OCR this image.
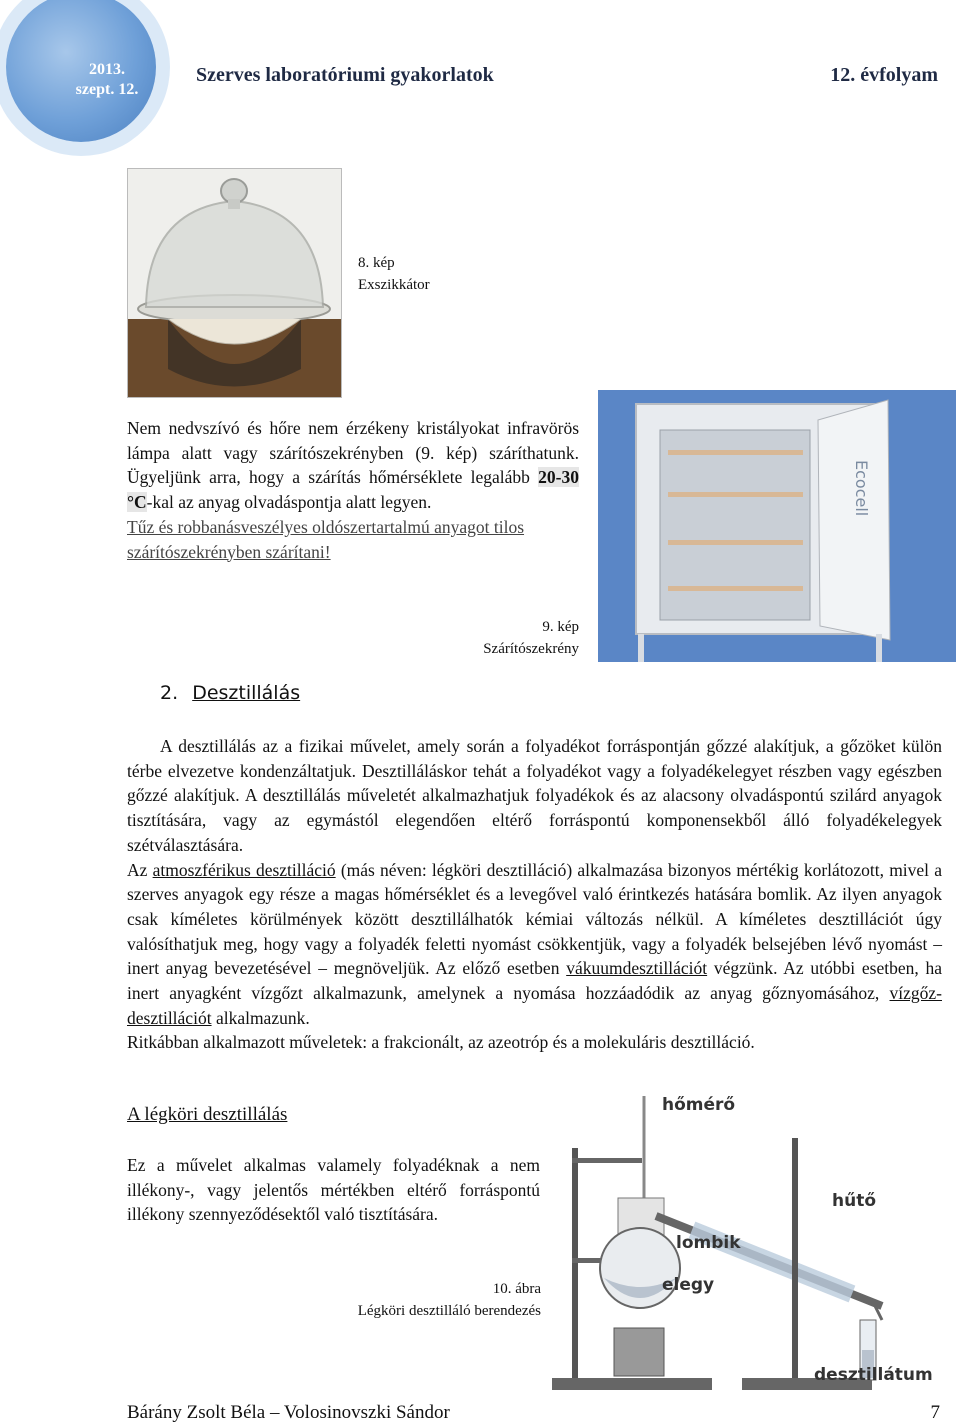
2013.
szept. 12.
Szerves laboratóriumi gyakorlatok	12. évfolyam
8. kép
Exszikkátor
Ecocell
9. kép
Szárítószekrény
Nem nedvszívó és hőre nem érzékeny kristályokat infravörös lámpa alatt vagy szárítószekrényben (9. kép) száríthatunk. Ügyeljünk arra, hogy a szárítás hőmérséklete legalább 20-30 °C-kal az anyag olvadáspontja alatt legyen.
Tűz és robbanásveszélyes oldószertartalmú anyagot tilos szárítószekrényben szárítani!
2. Desztillálás
A desztillálás az a fizikai művelet, amely során a folyadékot forráspontján gőzzé alakítjuk, a gőzöket külön térbe elvezetve kondenzáltatjuk. Desztilláláskor tehát a folyadékot vagy a folyadékelegyet részben vagy egészben gőzzé alakítjuk. A desztillálás műveletét alkalmazhatjuk folyadékok és az alacsony olvadáspontú szilárd anyagok tisztítására, vagy az egymástól elegendően eltérő forráspontú komponensekből álló folyadékelegyek szétválasztására.
Az atmoszférikus desztilláció (más néven: légköri desztilláció) alkalmazása bizonyos mértékig korlátozott, mivel a szerves anyagok egy része a magas hőmérséklet és a levegővel való érintkezés hatására bomlik. Az ilyen anyagok csak kíméletes körülmények között desztillálhatók kémiai változás nélkül. A kíméletes desztillációt úgy valósíthatjuk meg, hogy vagy a folyadék feletti nyomást csökkentjük, vagy a folyadék belsejében lévő nyomást – inert anyag bevezetésével – megnöveljük. Az előző esetben vákuumdesztillációt végzünk. Az utóbbi esetben, ha inert anyagként vízgőzt alkalmazunk, amelynek a nyomása hozzáadódik az anyag gőznyomásához, vízgőz-desztillációt alkalmazunk.
Ritkábban alkalmazott műveletek: a frakcionált, az azeotróp és a molekuláris desztilláció.
A légköri desztillálás
Ez a művelet alkalmas valamely folyadéknak a nem illékony-, vagy jelentős mértékben eltérő forráspontú illékony szennyeződésektől való tisztítására.
10. ábra
Légköri desztilláló berendezés
hőmérő
hűtő
lombik
elegy
desztillátum
Bárány Zsolt Béla – Volosinovszki Sándor	7
